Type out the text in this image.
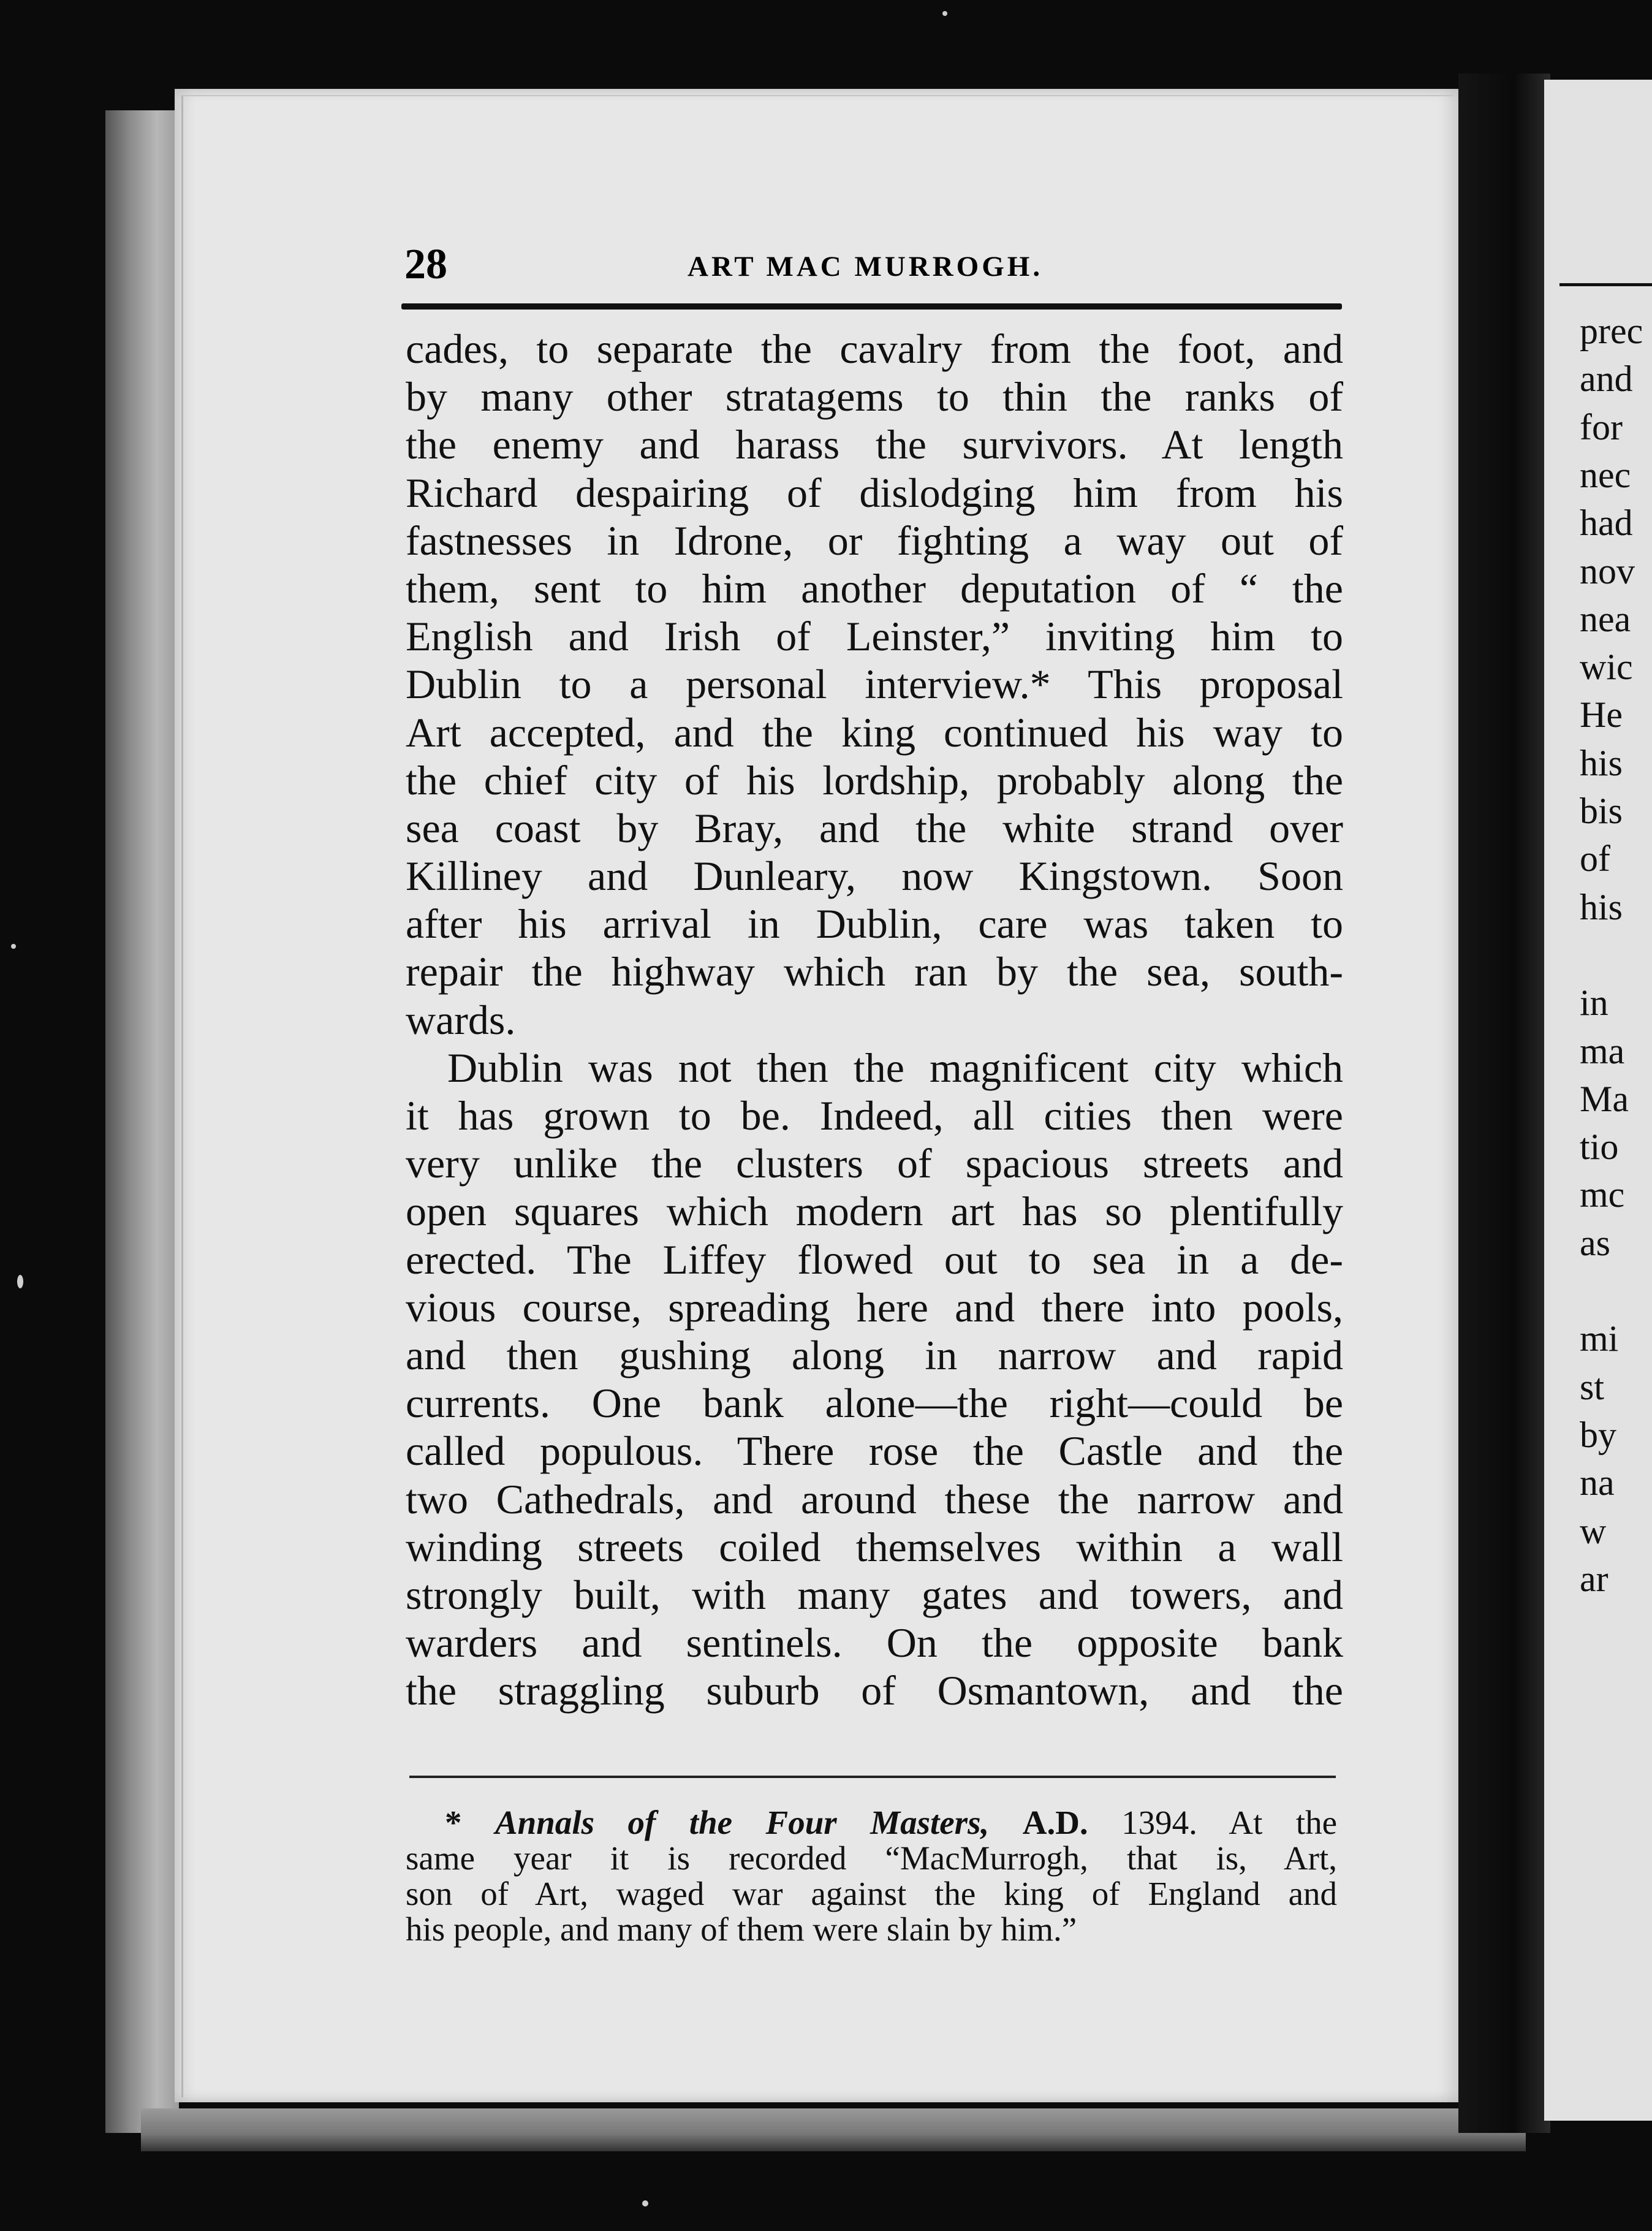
prec
and
for
nec
had
nov
nea
wic
He
his
bis
of
his
in
ma
Ma
tio
mc
as
mi
st
by
na
w
ar
28	ART MAC MURROGH.
cades, to separate the cavalry from the foot, and
by many other stratagems to thin the ranks of
the enemy and harass the survivors. At length
Richard despairing of dislodging him from his
fastnesses in Idrone, or fighting a way out of
them, sent to him another deputation of “ the
English and Irish of Leinster,” inviting him to
Dublin to a personal interview.* This proposal
Art accepted, and the king continued his way to
the chief city of his lordship, probably along the
sea coast by Bray, and the white strand over
Killiney and Dunleary, now Kingstown. Soon
after his arrival in Dublin, care was taken to
repair the highway which ran by the sea, south-
wards.
Dublin was not then the magnificent city which
it has grown to be. Indeed, all cities then were
very unlike the clusters of spacious streets and
open squares which modern art has so plentifully
erected. The Liffey flowed out to sea in a de-
vious course, spreading here and there into pools,
and then gushing along in narrow and rapid
currents. One bank alone—the right—could be
called populous. There rose the Castle and the
two Cathedrals, and around these the narrow and
winding streets coiled themselves within a wall
strongly built, with many gates and towers, and
warders and sentinels. On the opposite bank
the straggling suburb of Osmantown, and the
* Annals of the Four Masters, A.D. 1394. At the
same year it is recorded “MacMurrogh, that is, Art,
son of Art, waged war against the king of England and
his people, and many of them were slain by him.”
